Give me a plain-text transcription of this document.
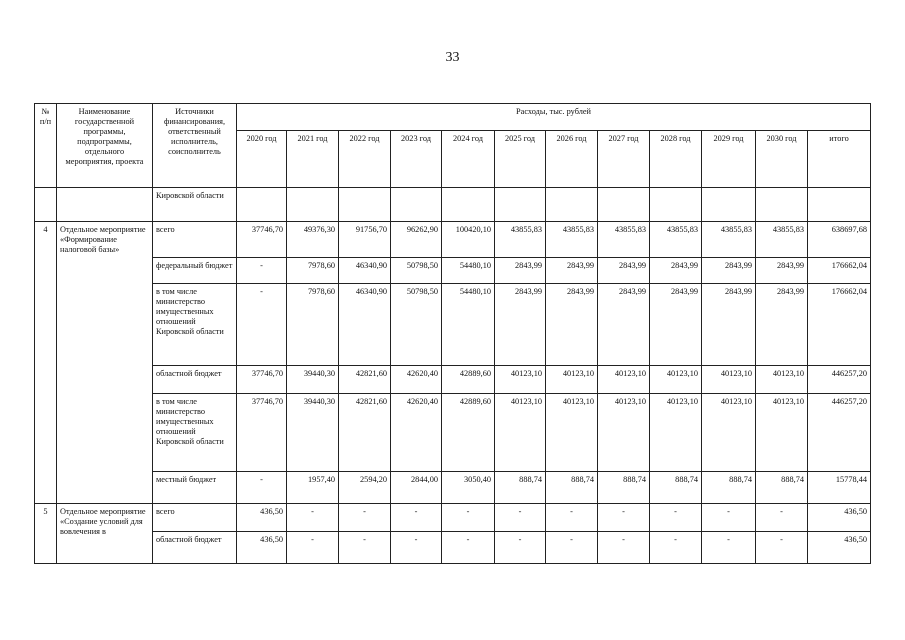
33
№
п/п	Наименование государственной программы, подпрограммы, отдельного мероприятия, проекта	Источники финансирования, ответственный исполнитель, соисполнитель	Расходы, тыс. рублей											
			2020 год	2021 год	2022 год	2023 год	2024 год	2025 год	2026 год	2027 год	2028 год	2029 год	2030 год	итого
		Кировской области												
4	Отдельное мероприятие «Формирование налоговой базы»	всего	37746,70	49376,30	91756,70	96262,90	100420,10	43855,83	43855,83	43855,83	43855,83	43855,83	43855,83	638697,68
		федеральный бюджет	-	7978,60	46340,90	50798,50	54480,10	2843,99	2843,99	2843,99	2843,99	2843,99	2843,99	176662,04
		в том числе министерство имущественных отношений Кировской области	-	7978,60	46340,90	50798,50	54480,10	2843,99	2843,99	2843,99	2843,99	2843,99	2843,99	176662,04
		областной бюджет	37746,70	39440,30	42821,60	42620,40	42889,60	40123,10	40123,10	40123,10	40123,10	40123,10	40123,10	446257,20
		в том числе министерство имущественных отношений Кировской области	37746,70	39440,30	42821,60	42620,40	42889,60	40123,10	40123,10	40123,10	40123,10	40123,10	40123,10	446257,20
		местный бюджет	-	1957,40	2594,20	2844,00	3050,40	888,74	888,74	888,74	888,74	888,74	888,74	15778,44
5	Отдельное мероприятие «Создание условий для вовлечения в	всего	436,50	-	-	-	-	-	-	-	-	-	-	436,50
		областной бюджет	436,50	-	-	-	-	-	-	-	-	-	-	436,50
